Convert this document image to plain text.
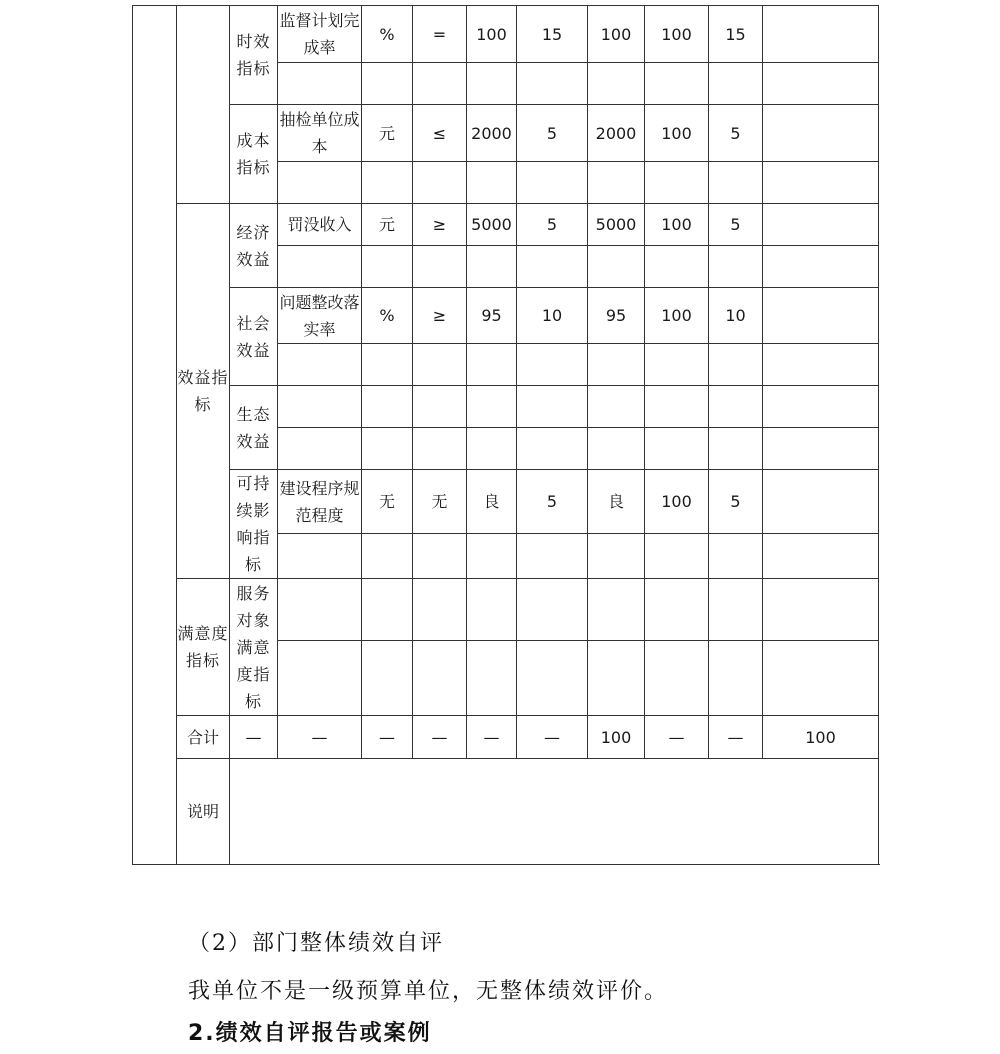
		时效指标	监督计划完成率	%	=	100	15	100	100	15		

		成本指标	抽检单位成本	元	≤	2000	5	2000	100	5		

	效益指标	经济效益	罚没收入	元	≥	5000	5	5000	100	5		

		社会效益	问题整改落实率	%	≥	95	10	95	100	10		

		生态效益										

		可持续影响指标	建设程序规范程度	无	无	良	5	良	100	5		

	满意度指标	服务对象满意度指标										

	合计	—	—	—	—	—	—	100	—	—	100	
	说明											
（2）部门整体绩效自评
我单位不是一级预算单位，无整体绩效评价。
2.绩效自评报告或案例
